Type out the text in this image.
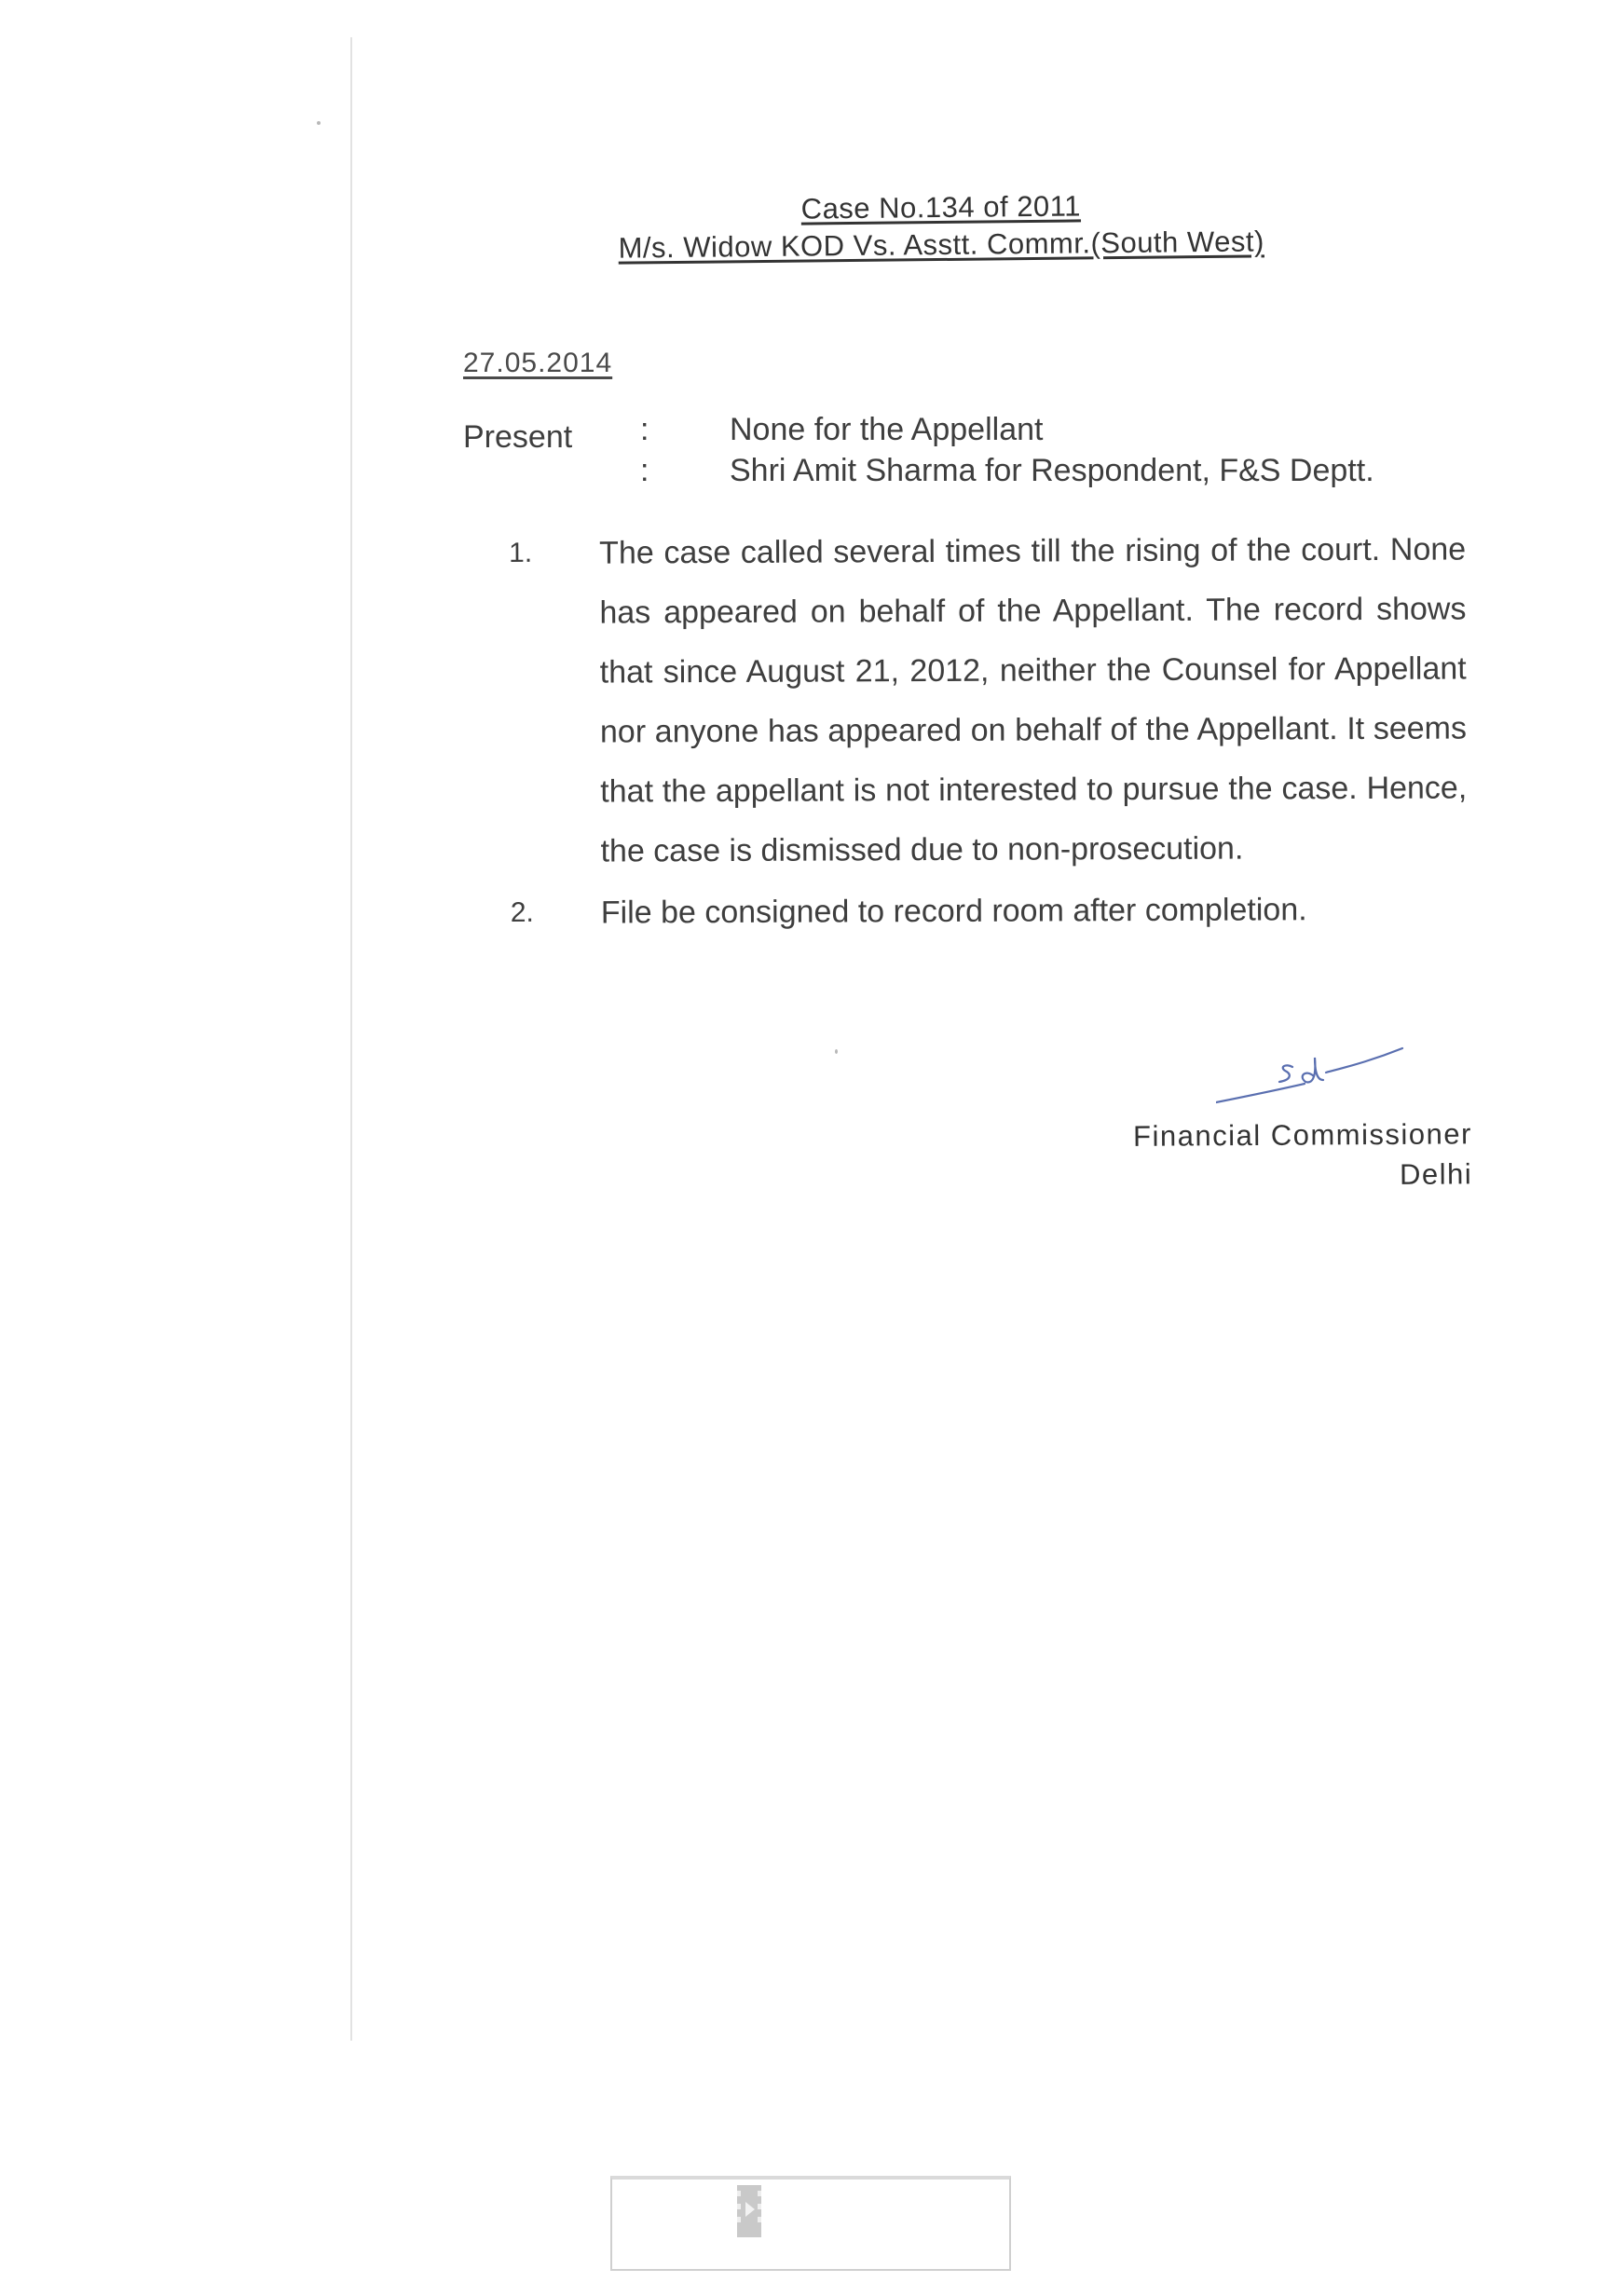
Case No.134 of 2011
M/s. Widow KOD Vs. Asstt. Commr.(South West)
27.05.2014
Present :	None for the Appellant
:	Shri Amit Sharma for Respondent, F&S Deptt.
1. The case called several times till the rising of the court. None has appeared on behalf of the Appellant. The record shows that since August 21, 2012, neither the Counsel for Appellant nor anyone has appeared on behalf of the Appellant. It seems that the appellant is not interested to pursue the case. Hence, the case is dismissed due to non-prosecution.
2. File be consigned to record room after completion.
Financial Commissioner
Delhi
